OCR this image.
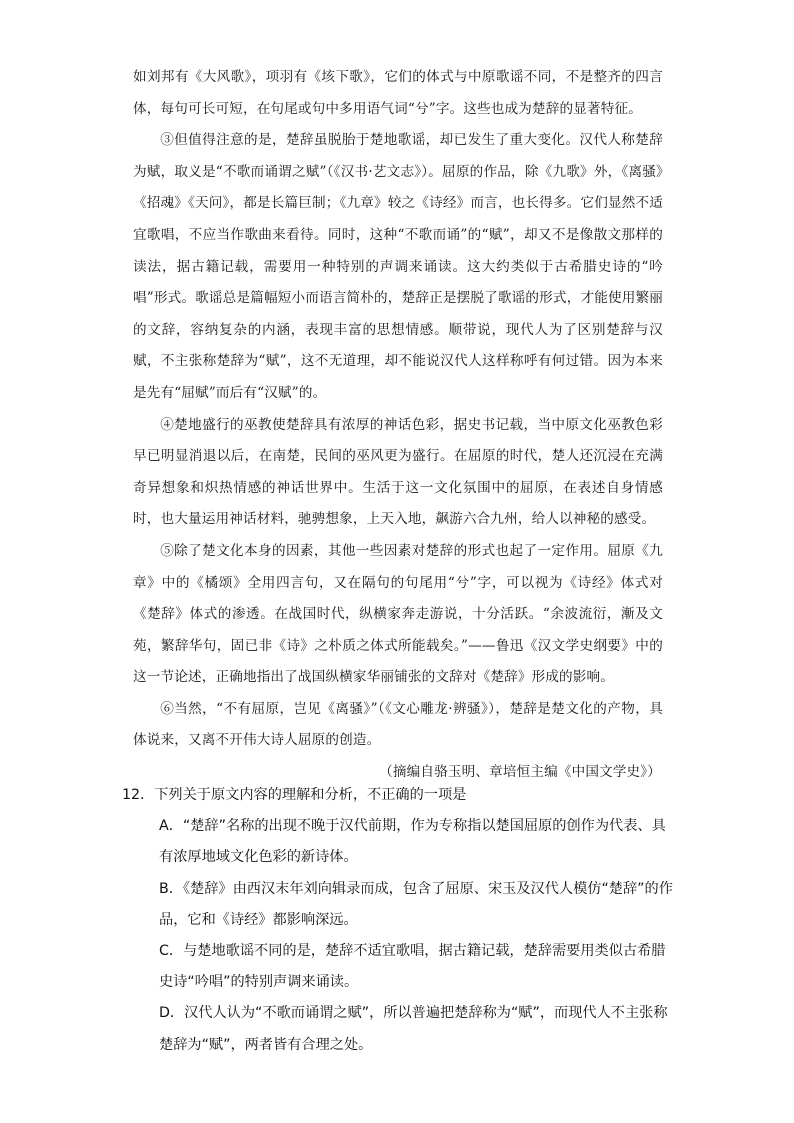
如刘邦有《大风歌》，项羽有《垓下歌》，它们的体式与中原歌谣不同，不是整齐的四言体，每句可长可短，在句尾或句中多用语气词“兮”字。这些也成为楚辞的显著特征。

③但值得注意的是，楚辞虽脱胎于楚地歌谣，却已发生了重大变化。汉代人称楚辞为赋，取义是“不歌而诵谓之赋”（《汉书·艺文志》）。屈原的作品，除《九歌》外，《离骚》《招魂》《天问》，都是长篇巨制；《九章》较之《诗经》而言，也长得多。它们显然不适宜歌唱，不应当作歌曲来看待。同时，这种“不歌而诵”的“赋”，却又不是像散文那样的读法，据古籍记载，需要用一种特别的声调来诵读。这大约类似于古希腊史诗的“吟唱”形式。歌谣总是篇幅短小而语言简朴的，楚辞正是摆脱了歌谣的形式，才能使用繁丽的文辞，容纳复杂的内涵，表现丰富的思想情感。顺带说，现代人为了区别楚辞与汉赋，不主张称楚辞为“赋”，这不无道理，却不能说汉代人这样称呼有何过错。因为本来是先有“屈赋”而后有“汉赋”的。

④楚地盛行的巫教使楚辞具有浓厚的神话色彩，据史书记载，当中原文化巫教色彩早已明显消退以后，在南楚，民间的巫风更为盛行。在屈原的时代，楚人还沉浸在充满奇异想象和炽热情感的神话世界中。生活于这一文化氛围中的屈原，在表述自身情感时，也大量运用神话材料，驰骋想象，上天入地，飙游六合九州，给人以神秘的感受。

⑤除了楚文化本身的因素，其他一些因素对楚辞的形式也起了一定作用。屈原《九章》中的《橘颂》全用四言句，又在隔句的句尾用“兮”字，可以视为《诗经》体式对《楚辞》体式的渗透。在战国时代，纵横家奔走游说，十分活跃。“余波流衍，漸及文苑，繁辞华句，固已非《诗》之朴质之体式所能载矣。”——鲁迅《汉文学史纲要》中的这一节论述，正确地指出了战国纵横家华丽铺张的文辞对《楚辞》形成的影响。

⑥当然，“不有屈原，岂见《离骚》”（《文心雕龙·辨骚》），楚辞是楚文化的产物，具体说来，又离不开伟大诗人屈原的创造。

（摘编自骆玉明、章培恒主编《中国文学史》）

12．下列关于原文内容的理解和分析，不正确的一项是

A．“楚辞”名称的出现不晚于汉代前期，作为专称指以楚国屈原的创作为代表、具
有浓厚地域文化色彩的新诗体。

B．《楚辞》由西汉末年刘向辑录而成，包含了屈原、宋玉及汉代人模仿“楚辞”的作
品，它和《诗经》都影响深远。

C．与楚地歌谣不同的是，楚辞不适宜歌唱，据古籍记载，楚辞需要用类似古希腊
史诗“吟唱”的特别声调来诵读。

D．汉代人认为“不歌而诵谓之赋”，所以普遍把楚辞称为“赋”，而现代人不主张称
楚辞为“赋”，两者皆有合理之处。
